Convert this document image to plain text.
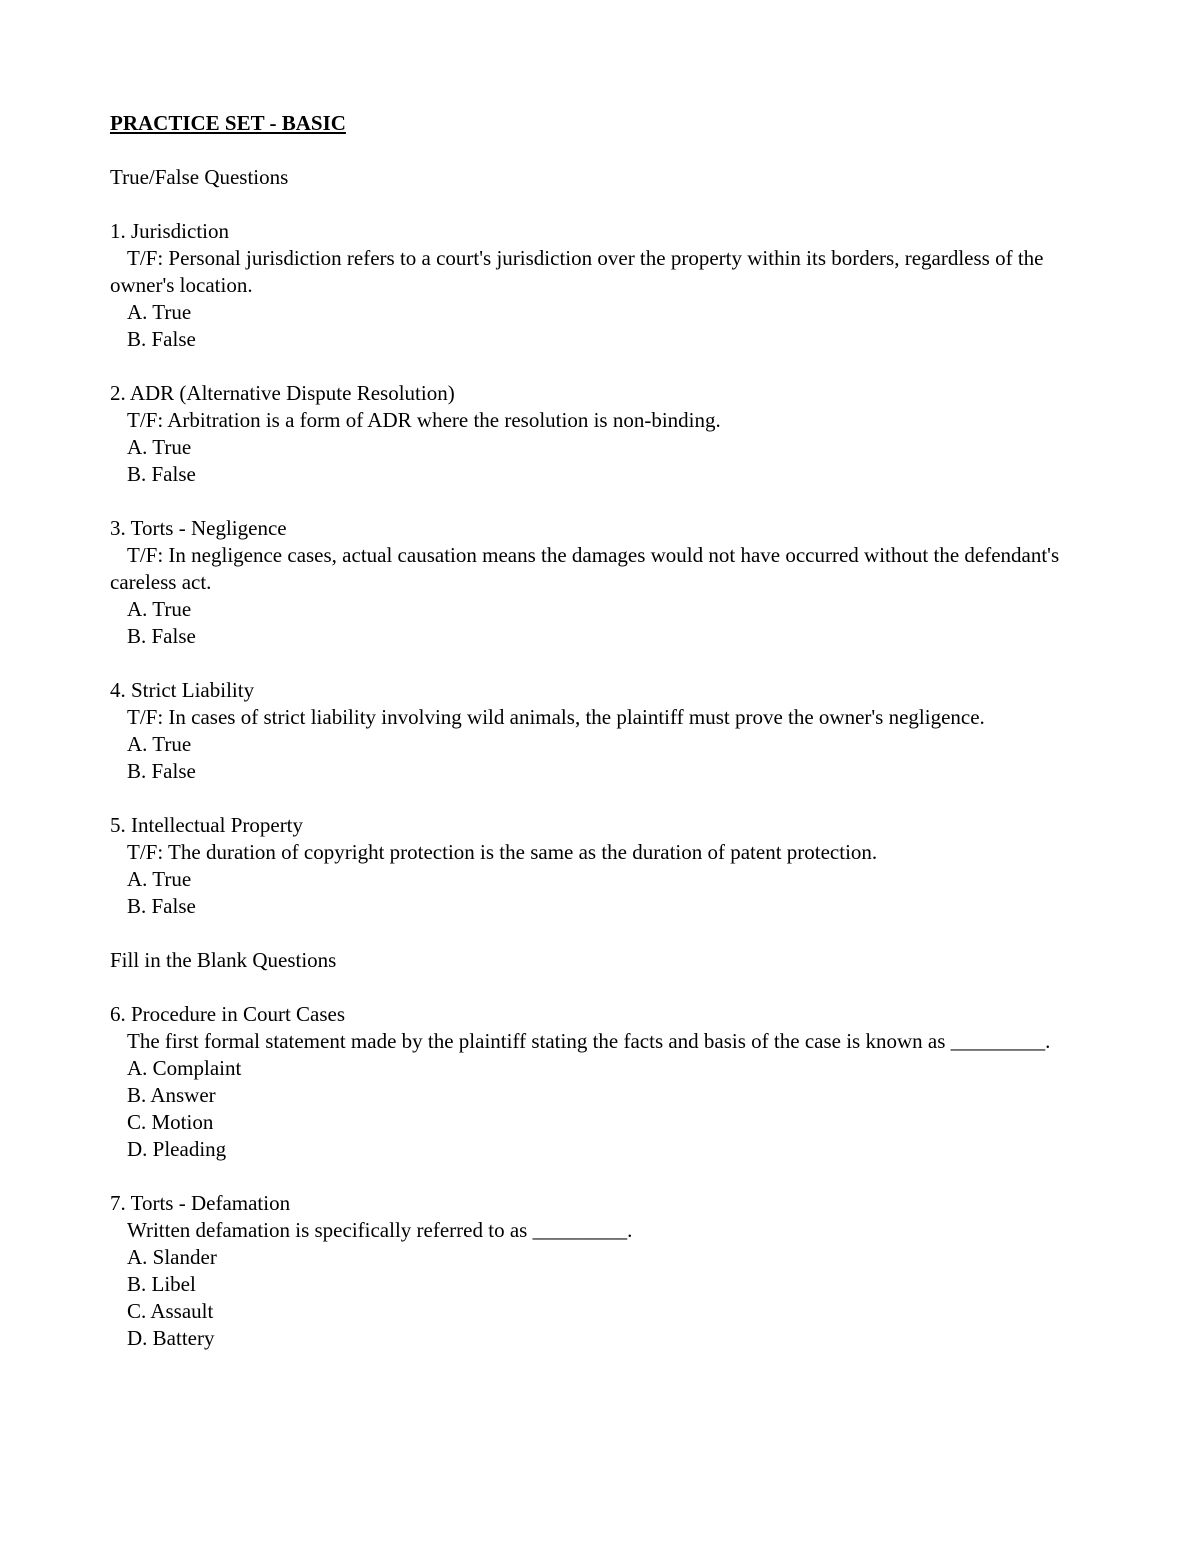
PRACTICE SET - BASIC
True/False Questions
1. Jurisdiction
T/F: Personal jurisdiction refers to a court's jurisdiction over the property within its borders, regardless of the owner's location.
A. True
B. False
2. ADR (Alternative Dispute Resolution)
T/F: Arbitration is a form of ADR where the resolution is non-binding.
A. True
B. False
3. Torts - Negligence
T/F: In negligence cases, actual causation means the damages would not have occurred without the defendant's careless act.
A. True
B. False
4. Strict Liability
T/F: In cases of strict liability involving wild animals, the plaintiff must prove the owner's negligence.
A. True
B. False
5. Intellectual Property
T/F: The duration of copyright protection is the same as the duration of patent protection.
A. True
B. False
Fill in the Blank Questions
6. Procedure in Court Cases
The first formal statement made by the plaintiff stating the facts and basis of the case is known as _________.
A. Complaint
B. Answer
C. Motion
D. Pleading
7. Torts - Defamation
Written defamation is specifically referred to as _________.
A. Slander
B. Libel
C. Assault
D. Battery
